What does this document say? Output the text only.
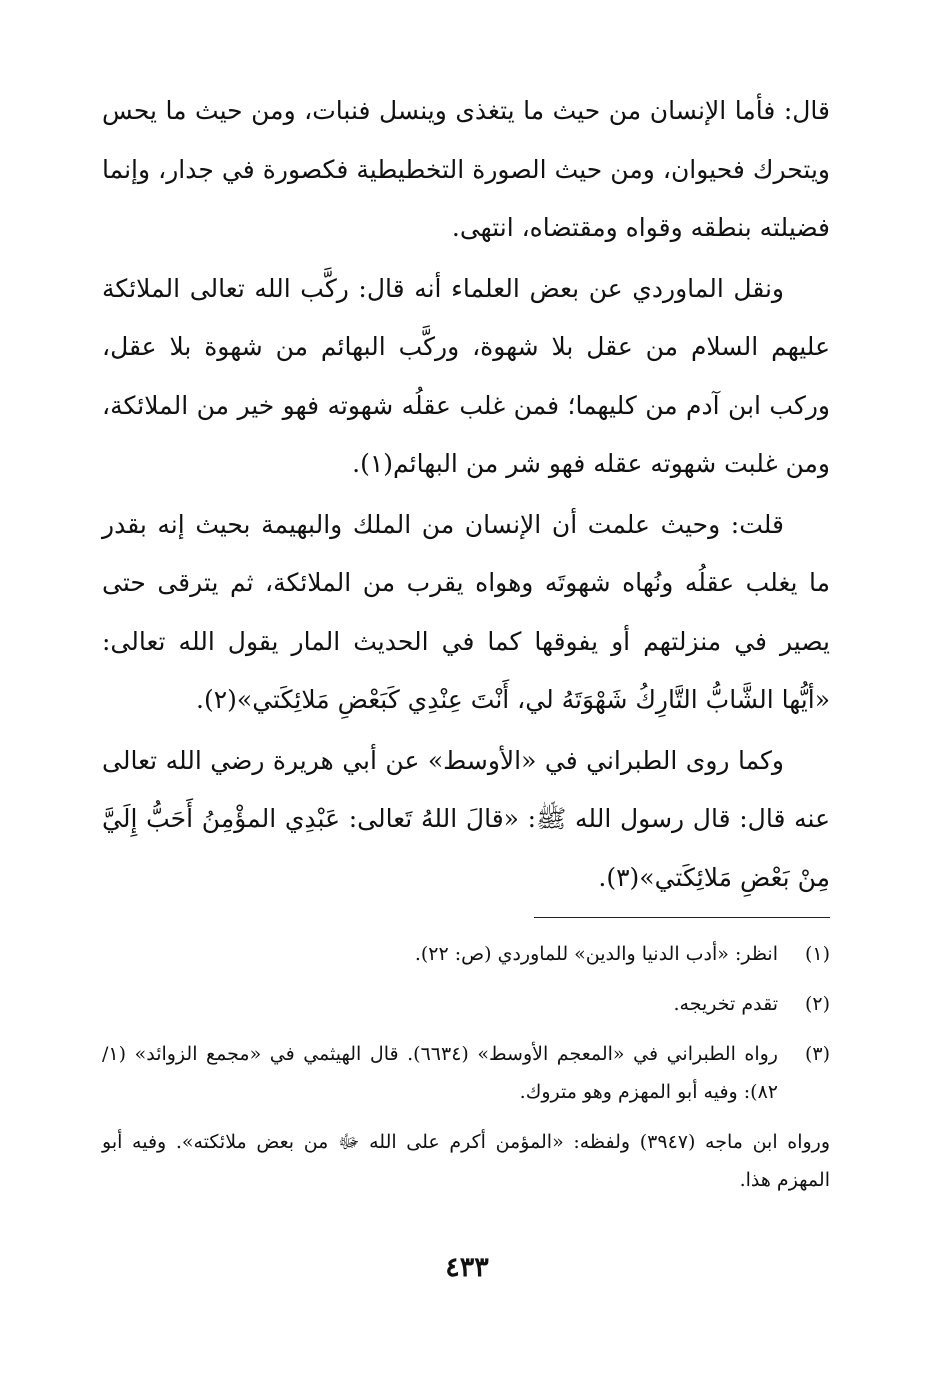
قال: فأما الإنسان من حيث ما يتغذى وينسل فنبات، ومن حيث ما يحس ويتحرك فحيوان، ومن حيث الصورة التخطيطية فكصورة في جدار، وإنما فضيلته بنطقه وقواه ومقتضاه، انتهى.

ونقل الماوردي عن بعض العلماء أنه قال: ركَّب الله تعالى الملائكة عليهم السلام من عقل بلا شهوة، وركَّب البهائم من شهوة بلا عقل، وركب ابن آدم من كليهما؛ فمن غلب عقلُه شهوته فهو خير من الملائكة، ومن غلبت شهوته عقله فهو شر من البهائم(١).

قلت: وحيث علمت أن الإنسان من الملك والبهيمة بحيث إنه بقدر ما يغلب عقلُه ونُهاه شهوتَه وهواه يقرب من الملائكة، ثم يترقى حتى يصير في منزلتهم أو يفوقها كما في الحديث المار يقول الله تعالى: «أيُّها الشَّابُّ التَّارِكُ شَهْوَتَهُ لي، أَنْتَ عِنْدِي كَبَعْضِ مَلائِكَتي»(٢).

وكما روى الطبراني في «الأوسط» عن أبي هريرة رضي الله تعالى عنه قال: قال رسول الله ﷺ: «قالَ اللهُ تَعالى: عَبْدِي المؤْمِنُ أَحَبُّ إِلَيَّ مِنْ بَعْضِ مَلائِكَتي»(٣).

(١)
انظر: «أدب الدنيا والدين» للماوردي (ص: ٢٢).
(٢)
تقدم تخريجه.
(٣)
رواه الطبراني في «المعجم الأوسط» (٦٦٣٤). قال الهيثمي في «مجمع الزوائد» (١/ ٨٢): وفيه أبو المهزم وهو متروك.
ورواه ابن ماجه (٣٩٤٧) ولفظه: «المؤمن أكرم على الله ﷻ من بعض ملائكته». وفيه أبو المهزم هذا.
٤٣٣
